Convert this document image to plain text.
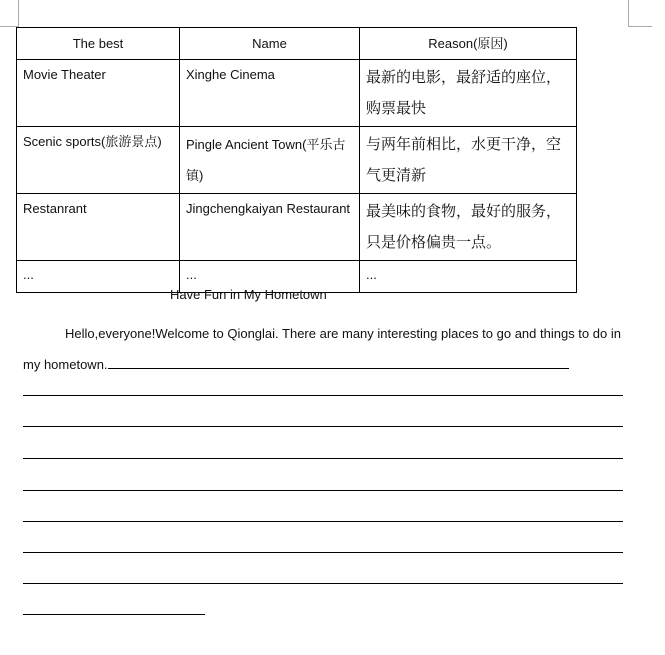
The best	Name	Reason(原因)

Movie Theater	Xinghe Cinema	最新的电影，最舒适的座位，购票最快

Scenic sports(旅游景点)	Pingle Ancient Town(平乐古镇)	与两年前相比，水更干净，空气更清新

Restanrant	Jingchengkaiyan Restaurant	最美味的食物，最好的服务，只是价格偏贵一点。
...	...	...
Have Fun in My Hometown
Hello,everyone!Welcome to Qionglai. There are many interesting places to go and things to do in my hometown.
